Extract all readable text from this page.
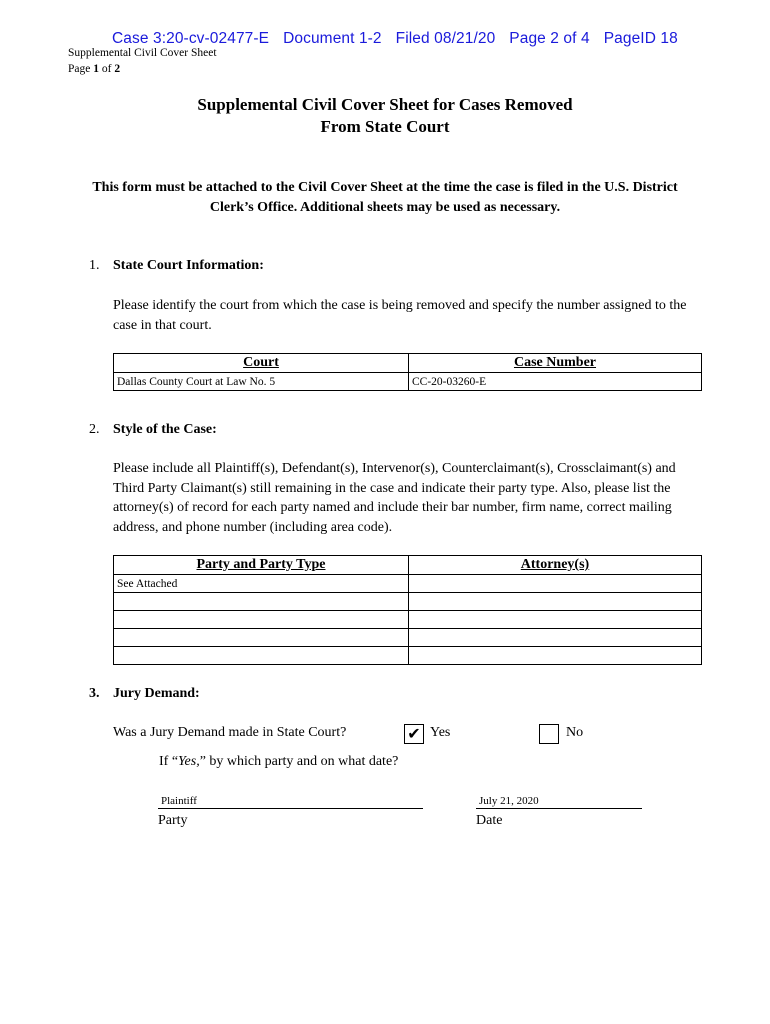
Case 3:20-cv-02477-E Document 1-2 Filed 08/21/20 Page 2 of 4 PageID 18
Supplemental Civil Cover Sheet
Page 1 of 2
Supplemental Civil Cover Sheet for Cases Removed
From State Court
This form must be attached to the Civil Cover Sheet at the time the case is filed in the U.S. District
Clerk’s Office. Additional sheets may be used as necessary.
1. State Court Information:
Please identify the court from which the case is being removed and specify the number assigned to the case in that court.
Court	Case Number
Dallas County Court at Law No. 5	CC-20-03260-E
2. Style of the Case:
Please include all Plaintiff(s), Defendant(s), Intervenor(s), Counterclaimant(s), Crossclaimant(s) and Third Party Claimant(s) still remaining in the case and indicate their party type. Also, please list the attorney(s) of record for each party named and include their bar number, firm name, correct mailing address, and phone number (including area code).
Party and Party Type	Attorney(s)
See Attached	

3. Jury Demand:
Was a Jury Demand made in State Court?	✔ Yes	No
If “Yes,” by which party and on what date?
Plaintiff
Party
July 21, 2020
Date
